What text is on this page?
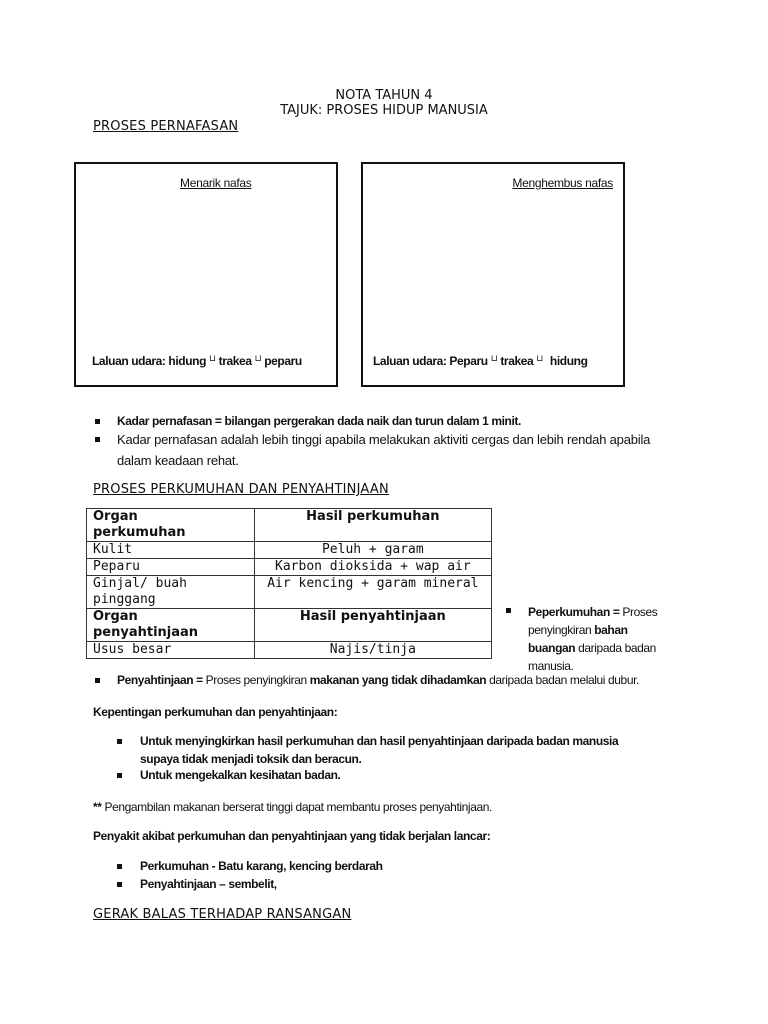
NOTA TAHUN 4
TAJUK: PROSES HIDUP MANUSIA
PROSES PERNAFASAN
Menarik nafas
Laluan udara: hidung ⊔ trakea ⊔ peparu
Menghembus nafas
Laluan udara: Peparu ⊔ trakea ⊔ hidung
Kadar pernafasan = bilangan pergerakan dada naik dan turun dalam 1 minit.
Kadar pernafasan adalah lebih tinggi apabila melakukan aktiviti cergas dan lebih rendah apabila
dalam keadaan rehat.
PROSES PERKUMUHAN DAN PENYAHTINJAAN
Organ
perkumuhan	Hasil perkumuhan
Kulit	Peluh + garam
Peparu	Karbon dioksida + wap air
Ginjal/ buah
pinggang	Air kencing + garam mineral
Organ
penyahtinjaan	Hasil penyahtinjaan
Usus besar	Najis/tinja
Peperkumuhan = Proses
penyingkiran bahan
buangan daripada badan
manusia.
Penyahtinjaan = Proses penyingkiran makanan yang tidak dihadamkan daripada badan melalui dubur.
Kepentingan perkumuhan dan penyahtinjaan:
Untuk menyingkirkan hasil perkumuhan dan hasil penyahtinjaan daripada badan manusia
supaya tidak menjadi toksik dan beracun.
Untuk mengekalkan kesihatan badan.
** Pengambilan makanan berserat tinggi dapat membantu proses penyahtinjaan.
Penyakit akibat perkumuhan dan penyahtinjaan yang tidak berjalan lancar:
Perkumuhan - Batu karang, kencing berdarah
Penyahtinjaan – sembelit,
GERAK BALAS TERHADAP RANSANGAN
